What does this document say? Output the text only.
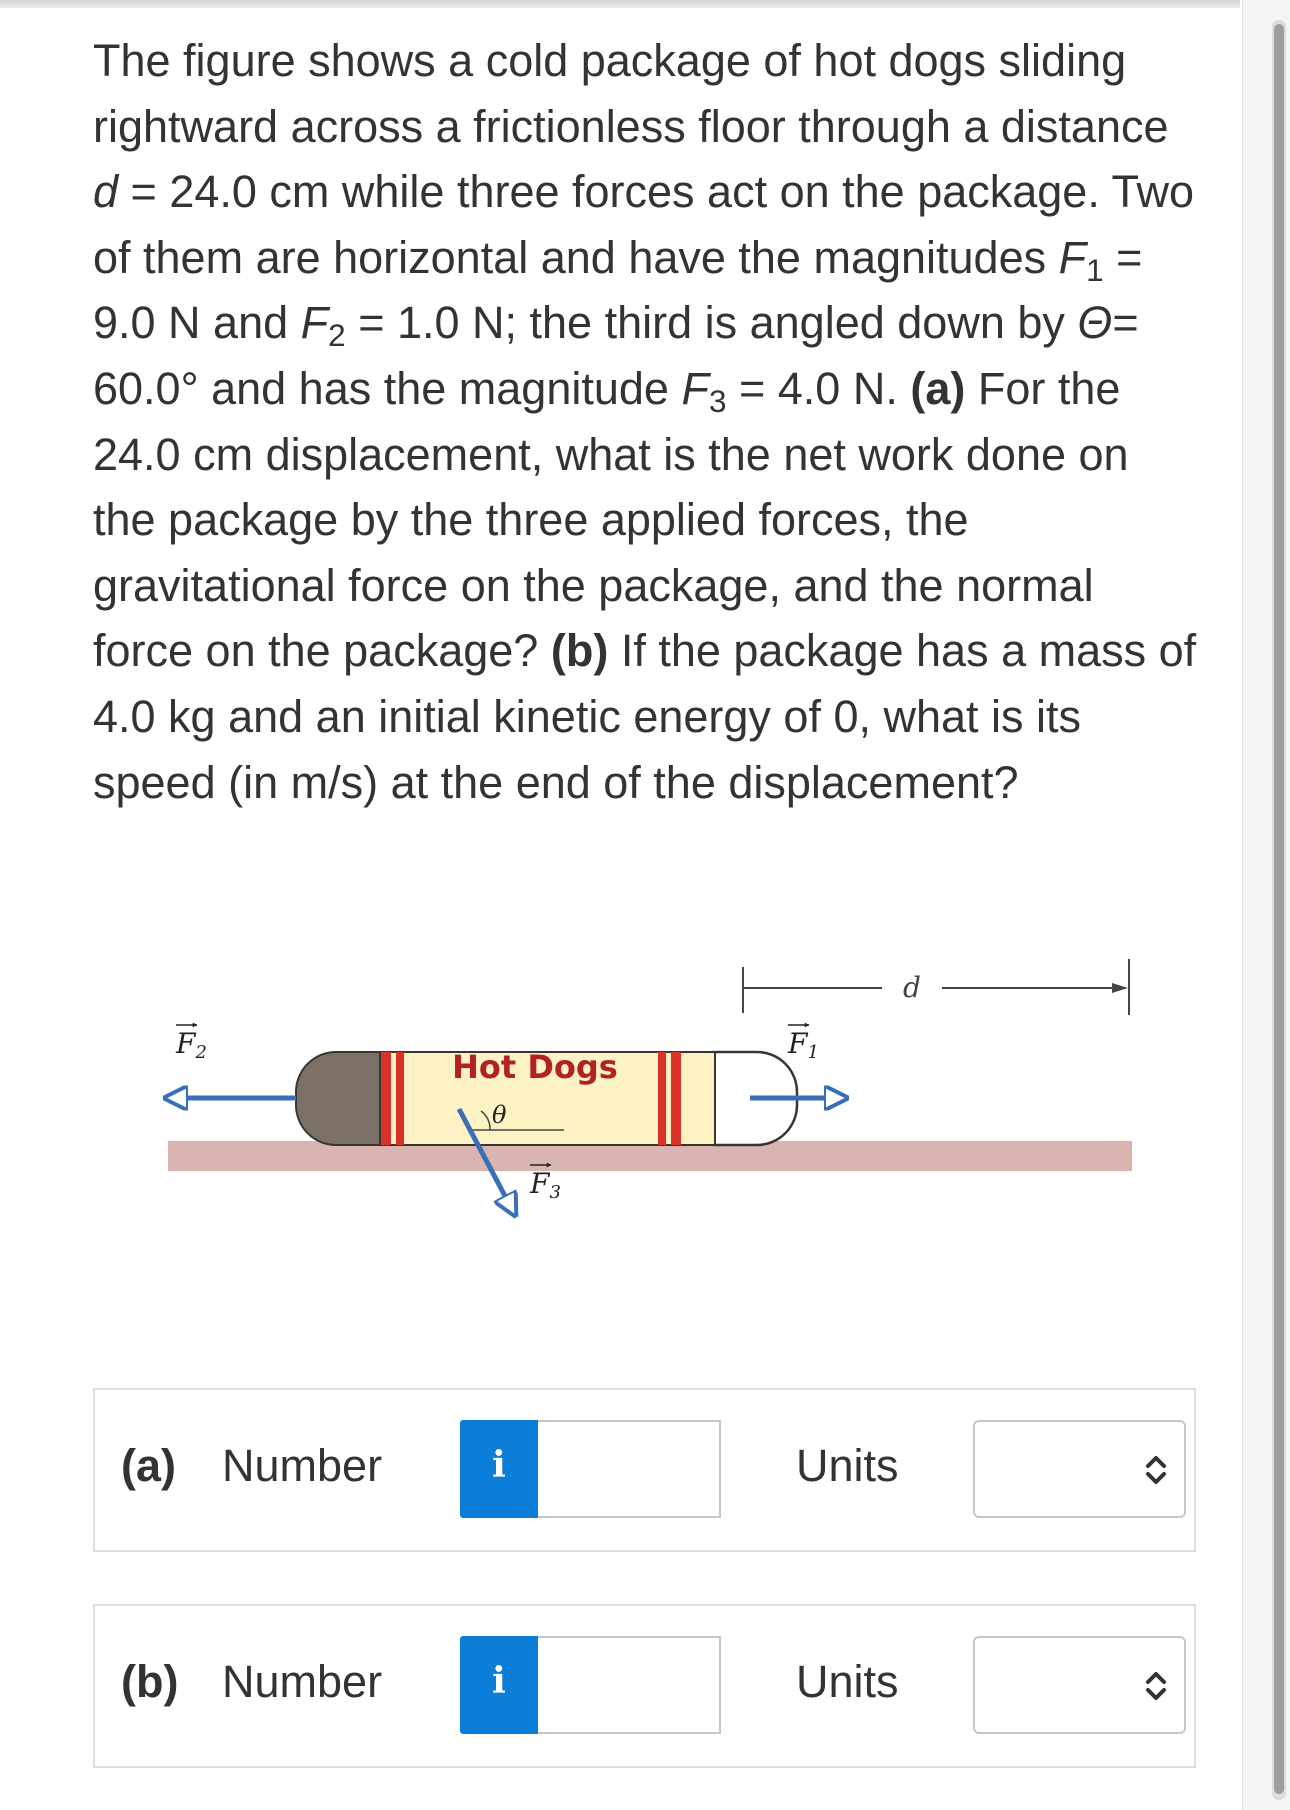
The figure shows a cold package of hot dogs sliding rightward across a frictionless floor through a distance d = 24.0 cm while three forces act on the package. Two of them are horizontal and have the magnitudes $F_1 = 9.0$ N and $F_2 = 1.0$ N; the third is angled down by Θ= 60.0° and has the magnitude $F_3 = 4.0$ N. (a) For the 24.0 cm displacement, what is the net work done on the package by the three applied forces, the gravitational force on the package, and the normal force on the package? (b) If the package has a mass of 4.0 kg and an initial kinetic energy of 0, what is its speed (in m/s) at the end of the displacement?
d
Hot Dogs
F1
F2
F3
θ
(a) Number	i	Units
(b) Number	i	Units
